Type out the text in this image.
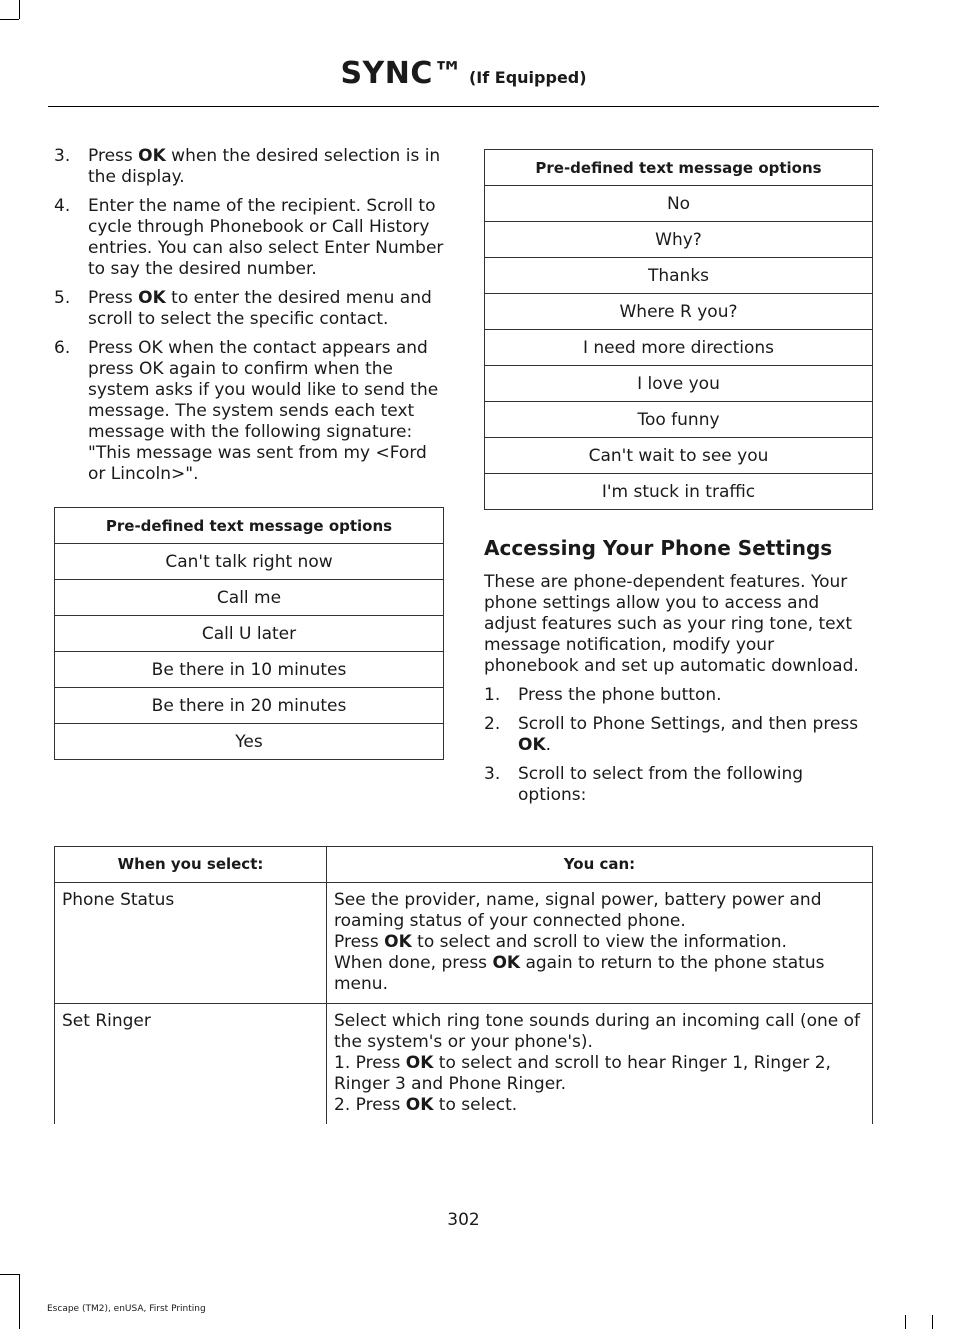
SYNC™ (If Equipped)
3. Press OK when the desired selection is in the display.
4. Enter the name of the recipient. Scroll to cycle through Phonebook or Call History entries. You can also select Enter Number to say the desired number.
5. Press OK to enter the desired menu and scroll to select the specific contact.
6. Press OK when the contact appears and press OK again to confirm when the system asks if you would like to send the message. The system sends each text message with the following signature: "This message was sent from my <Ford or Lincoln>".
Pre-defined text message options
Can't talk right now
Call me
Call U later
Be there in 10 minutes
Be there in 20 minutes
Yes
Pre-defined text message options
No
Why?
Thanks
Where R you?
I need more directions
I love you
Too funny
Can't wait to see you
I'm stuck in traffic
Accessing Your Phone Settings

These are phone-dependent features. Your phone settings allow you to access and adjust features such as your ring tone, text message notification, modify your phonebook and set up automatic download.

1. Press the phone button.
2. Scroll to Phone Settings, and then press OK.
3. Scroll to select from the following options:
When you select:	You can:
Phone Status	See the provider, name, signal power, battery power and roaming status of your connected phone.
Press OK to select and scroll to view the information.
When done, press OK again to return to the phone status menu.

Set Ringer	Select which ring tone sounds during an incoming call (one of the system's or your phone's).
1. Press OK to select and scroll to hear Ringer 1, Ringer 2, Ringer 3 and Phone Ringer.
2. Press OK to select.
302
Escape (TM2), enUSA, First Printing
